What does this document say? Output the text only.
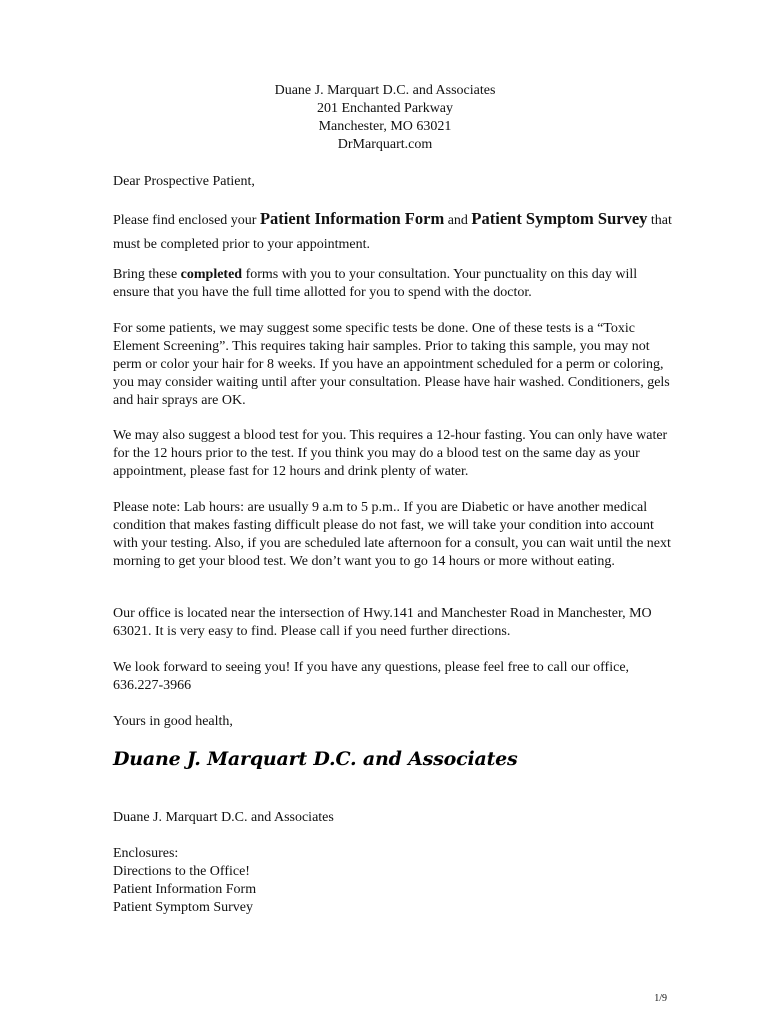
Duane J. Marquart D.C. and Associates
201 Enchanted Parkway
Manchester, MO 63021
DrMarquart.com

Dear Prospective Patient,

Please find enclosed your Patient Information Form and Patient Symptom Survey that must be completed prior to your appointment.

Bring these completed forms with you to your consultation. Your punctuality on this day will ensure that you have the full time allotted for you to spend with the doctor.

For some patients, we may suggest some specific tests be done. One of these tests is a “Toxic Element Screening”. This requires taking hair samples. Prior to taking this sample, you may not perm or color your hair for 8 weeks. If you have an appointment scheduled for a perm or coloring, you may consider waiting until after your consultation. Please have hair washed. Conditioners, gels and hair sprays are OK.

We may also suggest a blood test for you. This requires a 12-hour fasting. You can only have water for the 12 hours prior to the test. If you think you may do a blood test on the same day as your appointment, please fast for 12 hours and drink plenty of water.

Please note: Lab hours: are usually 9 a.m to 5 p.m.. If you are Diabetic or have another medical condition that makes fasting difficult please do not fast, we will take your condition into account with your testing. Also, if you are scheduled late afternoon for a consult, you can wait until the next morning to get your blood test. We don’t want you to go 14 hours or more without eating.

Our office is located near the intersection of Hwy.141 and Manchester Road in Manchester, MO 63021. It is very easy to find. Please call if you need further directions.

We look forward to seeing you! If you have any questions, please feel free to call our office, 636.227-3966

Yours in good health,

Duane J. Marquart D.C. and Associates

Duane J. Marquart D.C. and Associates

Enclosures:

Directions to the Office!

Patient Information Form

Patient Symptom Survey

1/9
